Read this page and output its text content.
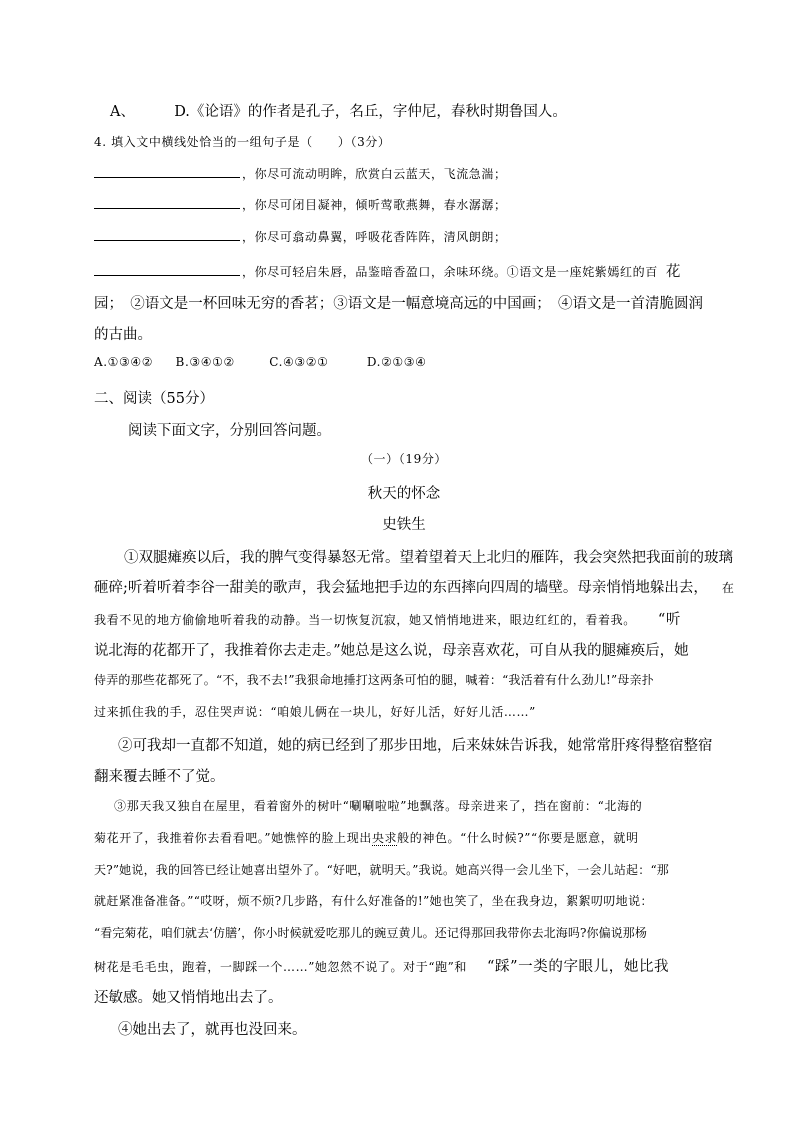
A、	D.《论语》的作者是孔子，名丘，字仲尼，春秋时期鲁国人。
4. 填入文中横线处恰当的一组句子是（　　）（3分）
，你尽可流动明眸，欣赏白云蓝天，飞流急湍；
，你尽可闭目凝神，倾听莺歌燕舞，春水潺潺；
，你尽可翕动鼻翼，呼吸花香阵阵，清风朗朗；
，你尽可轻启朱唇，品鉴暗香盈口，余味环绕。①语文是一座姹紫嫣红的百 花
园；　②语文是一杯回味无穷的香茗；③语文是一幅意境高远的中国画；　④语文是一首清脆圆润
的古曲。
A.①③④② B.③④①②	C.④③②①	D.②①③④
二、阅读（55分）
阅读下面文字，分别回答问题。
（一）（19分）
秋天的怀念
史铁生
①双腿瘫痪以后，我的脾气变得暴怒无常。望着望着天上北归的雁阵，我会突然把我面前的玻璃
砸碎;听着听着李谷一甜美的歌声，我会猛地把手边的东西摔向四周的墙壁。母亲悄悄地躲出去， 在
我看不见的地方偷偷地听着我的动静。当一切恢复沉寂，她又悄悄地进来，眼边红红的，看着我。 “听
说北海的花都开了，我推着你去走走。”她总是这么说，母亲喜欢花，可自从我的腿瘫痪后，她
侍弄的那些花都死了。“不，我不去!”我狠命地捶打这两条可怕的腿，喊着：“我活着有什么劲儿!”母亲扑
过来抓住我的手，忍住哭声说：“咱娘儿俩在一块儿，好好儿活，好好儿活……”
②可我却一直都不知道，她的病已经到了那步田地，后来妹妹告诉我，她常常肝疼得整宿整宿
翻来覆去睡不了觉。
③那天我又独自在屋里，看着窗外的树叶“唰唰啦啦”地飘落。母亲进来了，挡在窗前：“北海的
菊花开了，我推着你去看看吧。”她憔悴的脸上现出央求般的神色。“什么时候?”“你要是愿意，就明
天?”她说，我的回答已经让她喜出望外了。“好吧，就明天。”我说。她高兴得一会儿坐下，一会儿站起：“那
就赶紧准备准备。”“哎呀，烦不烦?几步路，有什么好准备的!”她也笑了，坐在我身边，絮絮叨叨地说：
“看完菊花，咱们就去‘仿膳’，你小时候就爱吃那儿的豌豆黄儿。还记得那回我带你去北海吗?你偏说那杨
树花是毛毛虫，跑着，一脚踩一个……”她忽然不说了。对于“跑”和 “踩”一类的字眼儿，她比我
还敏感。她又悄悄地出去了。
④她出去了，就再也没回来。
